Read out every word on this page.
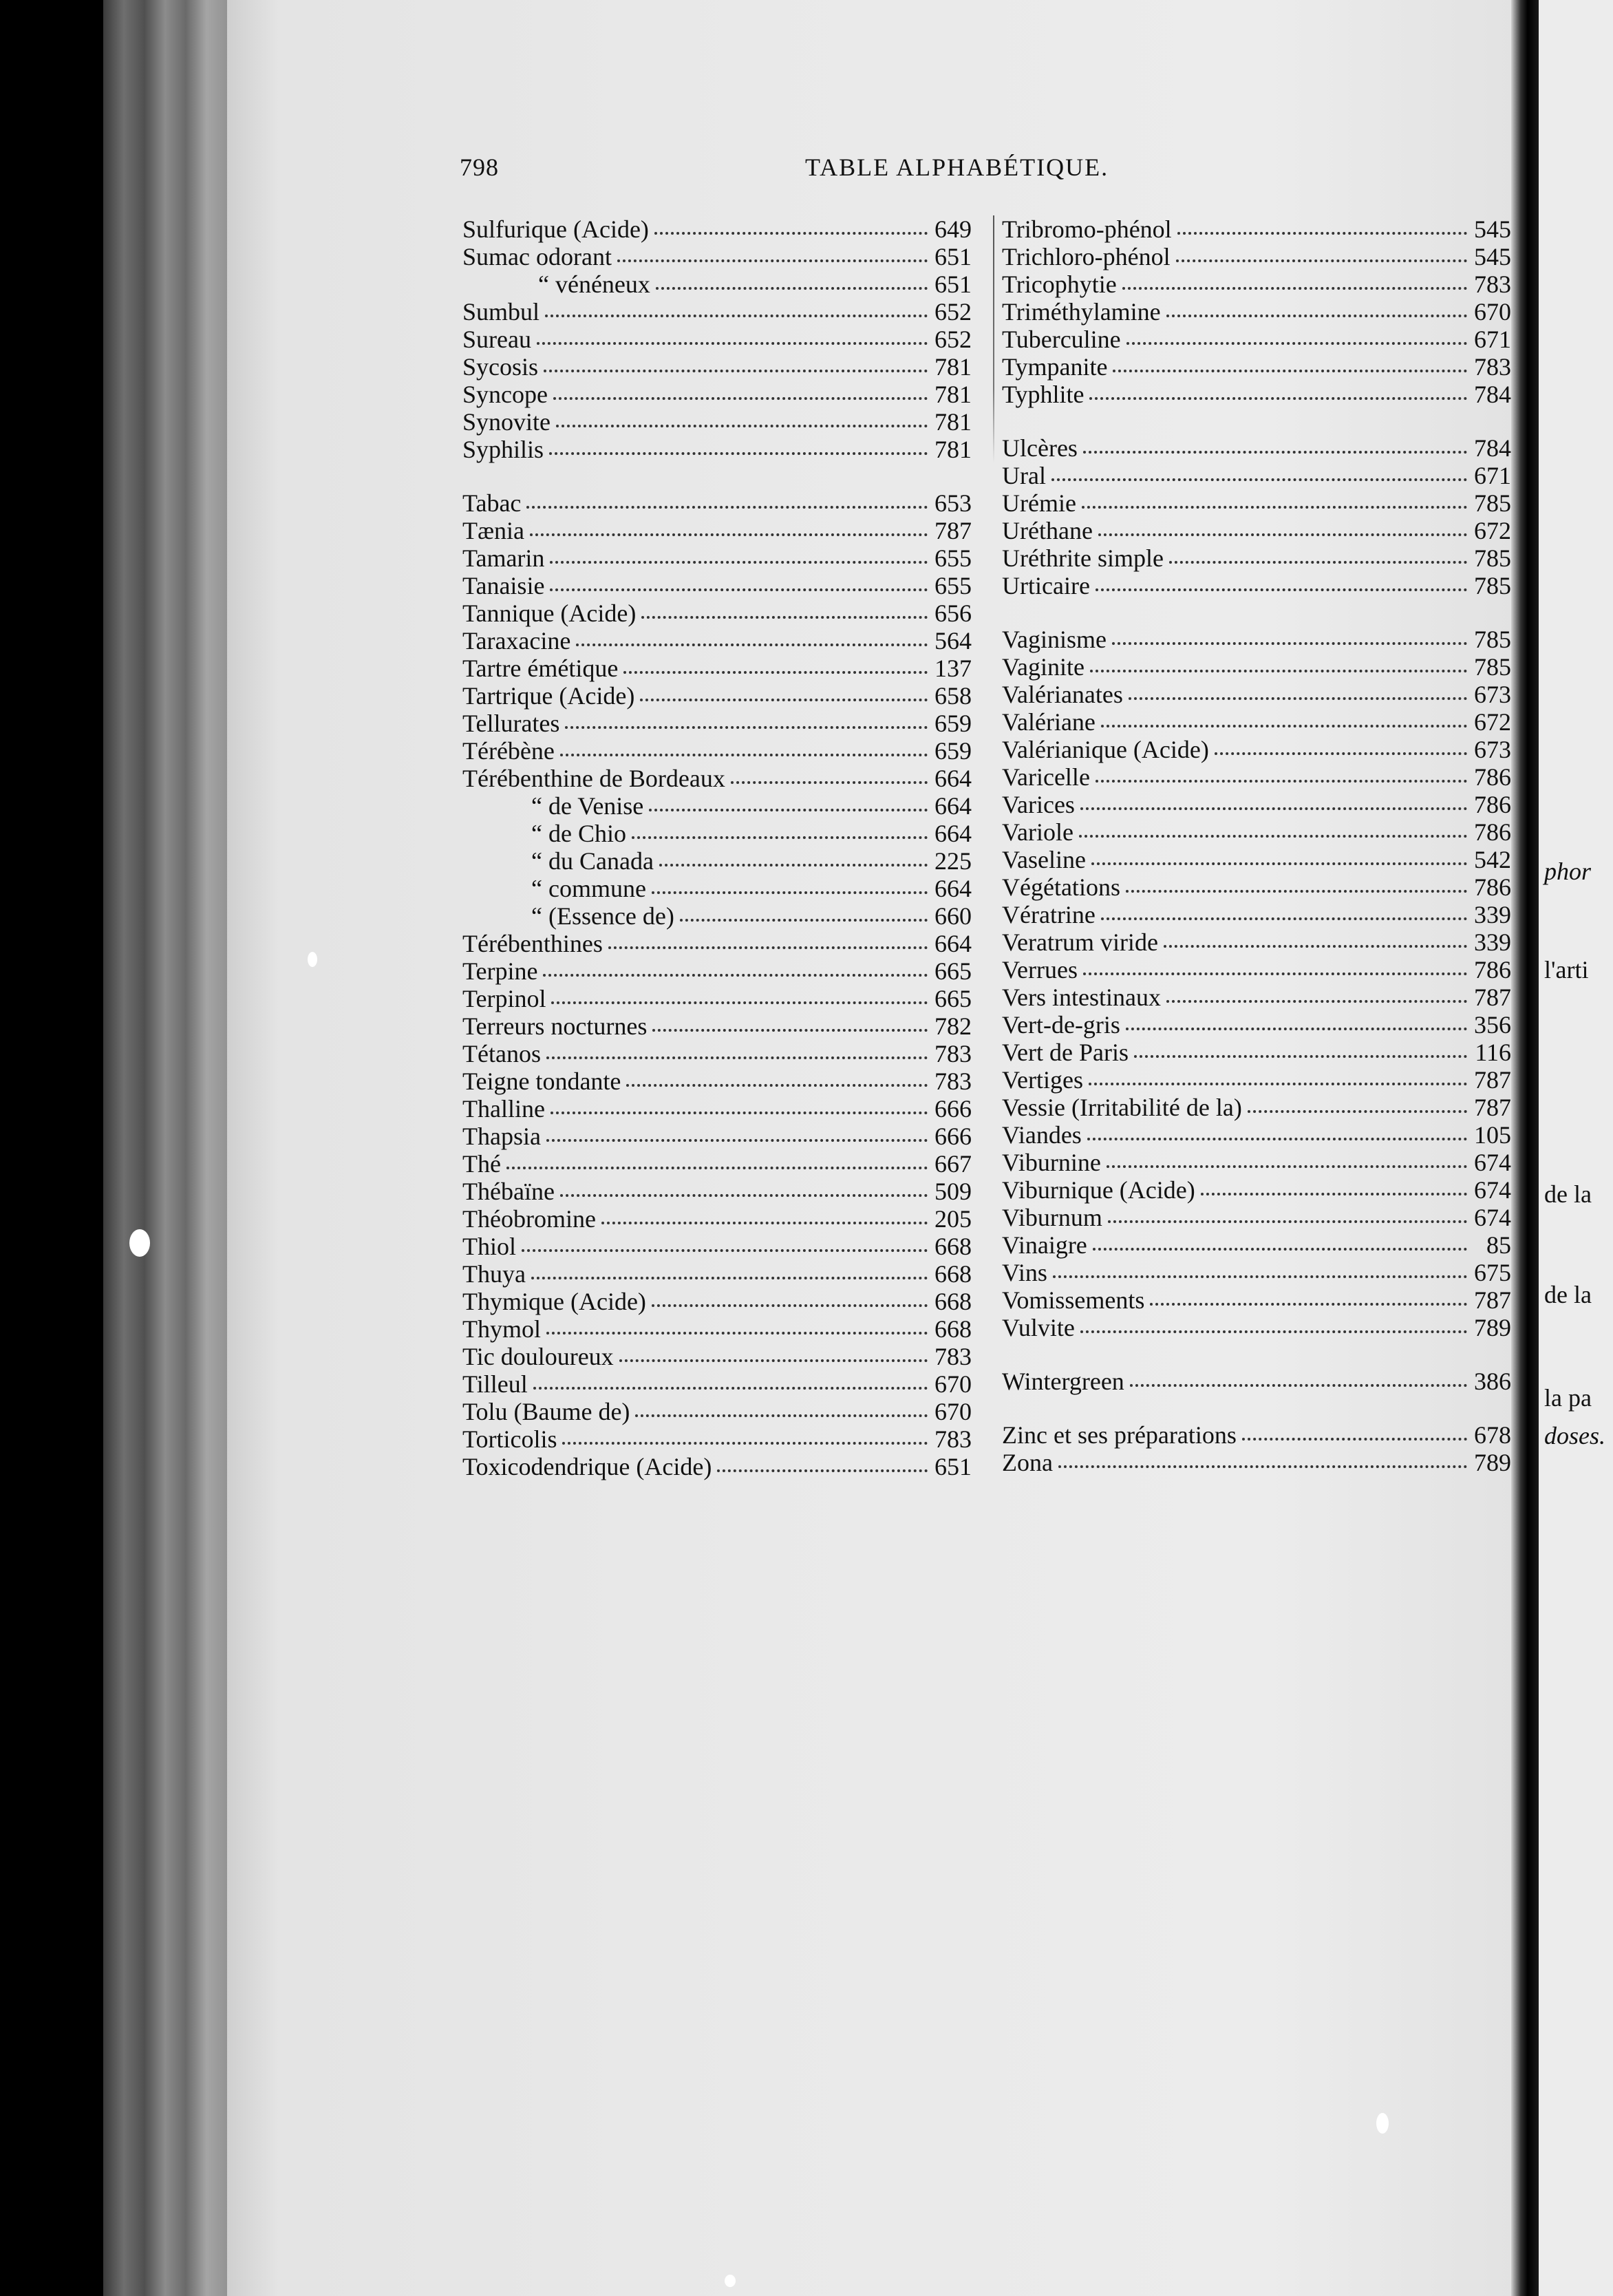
phor
l'arti
de la
de la
la pa
doses.
798	TABLE ALPHABÉTIQUE.
Sulfurique (Acide)	649
Sumac odorant	651
“ vénéneux	651
Sumbul	652
Sureau	652
Sycosis	781
Syncope	781
Synovite	781
Syphilis	781
Tabac	653
Tænia	787
Tamarin	655
Tanaisie	655
Tannique (Acide)	656
Taraxacine	564
Tartre émétique	137
Tartrique (Acide)	658
Tellurates	659
Térébène	659
Térébenthine de Bordeaux	664
“ de Venise	664
“ de Chio	664
“ du Canada	225
“ commune	664
“ (Essence de)	660
Térébenthines	664
Terpine	665
Terpinol	665
Terreurs nocturnes	782
Tétanos	783
Teigne tondante	783
Thalline	666
Thapsia	666
Thé	667
Thébaïne	509
Théobromine	205
Thiol	668
Thuya	668
Thymique (Acide)	668
Thymol	668
Tic douloureux	783
Tilleul	670
Tolu (Baume de)	670
Torticolis	783
Toxicodendrique (Acide)	651
Tribromo-phénol	545
Trichloro-phénol	545
Tricophytie	783
Triméthylamine	670
Tuberculine	671
Tympanite	783
Typhlite	784
Ulcères	784
Ural	671
Urémie	785
Uréthane	672
Uréthrite simple	785
Urticaire	785
Vaginisme	785
Vaginite	785
Valérianates	673
Valériane	672
Valérianique (Acide)	673
Varicelle	786
Varices	786
Variole	786
Vaseline	542
Végétations	786
Vératrine	339
Veratrum viride	339
Verrues	786
Vers intestinaux	787
Vert-de-gris	356
Vert de Paris	116
Vertiges	787
Vessie (Irritabilité de la)	787
Viandes	105
Viburnine	674
Viburnique (Acide)	674
Viburnum	674
Vinaigre	85
Vins	675
Vomissements	787
Vulvite	789
Wintergreen	386
Zinc et ses préparations	678
Zona	789
